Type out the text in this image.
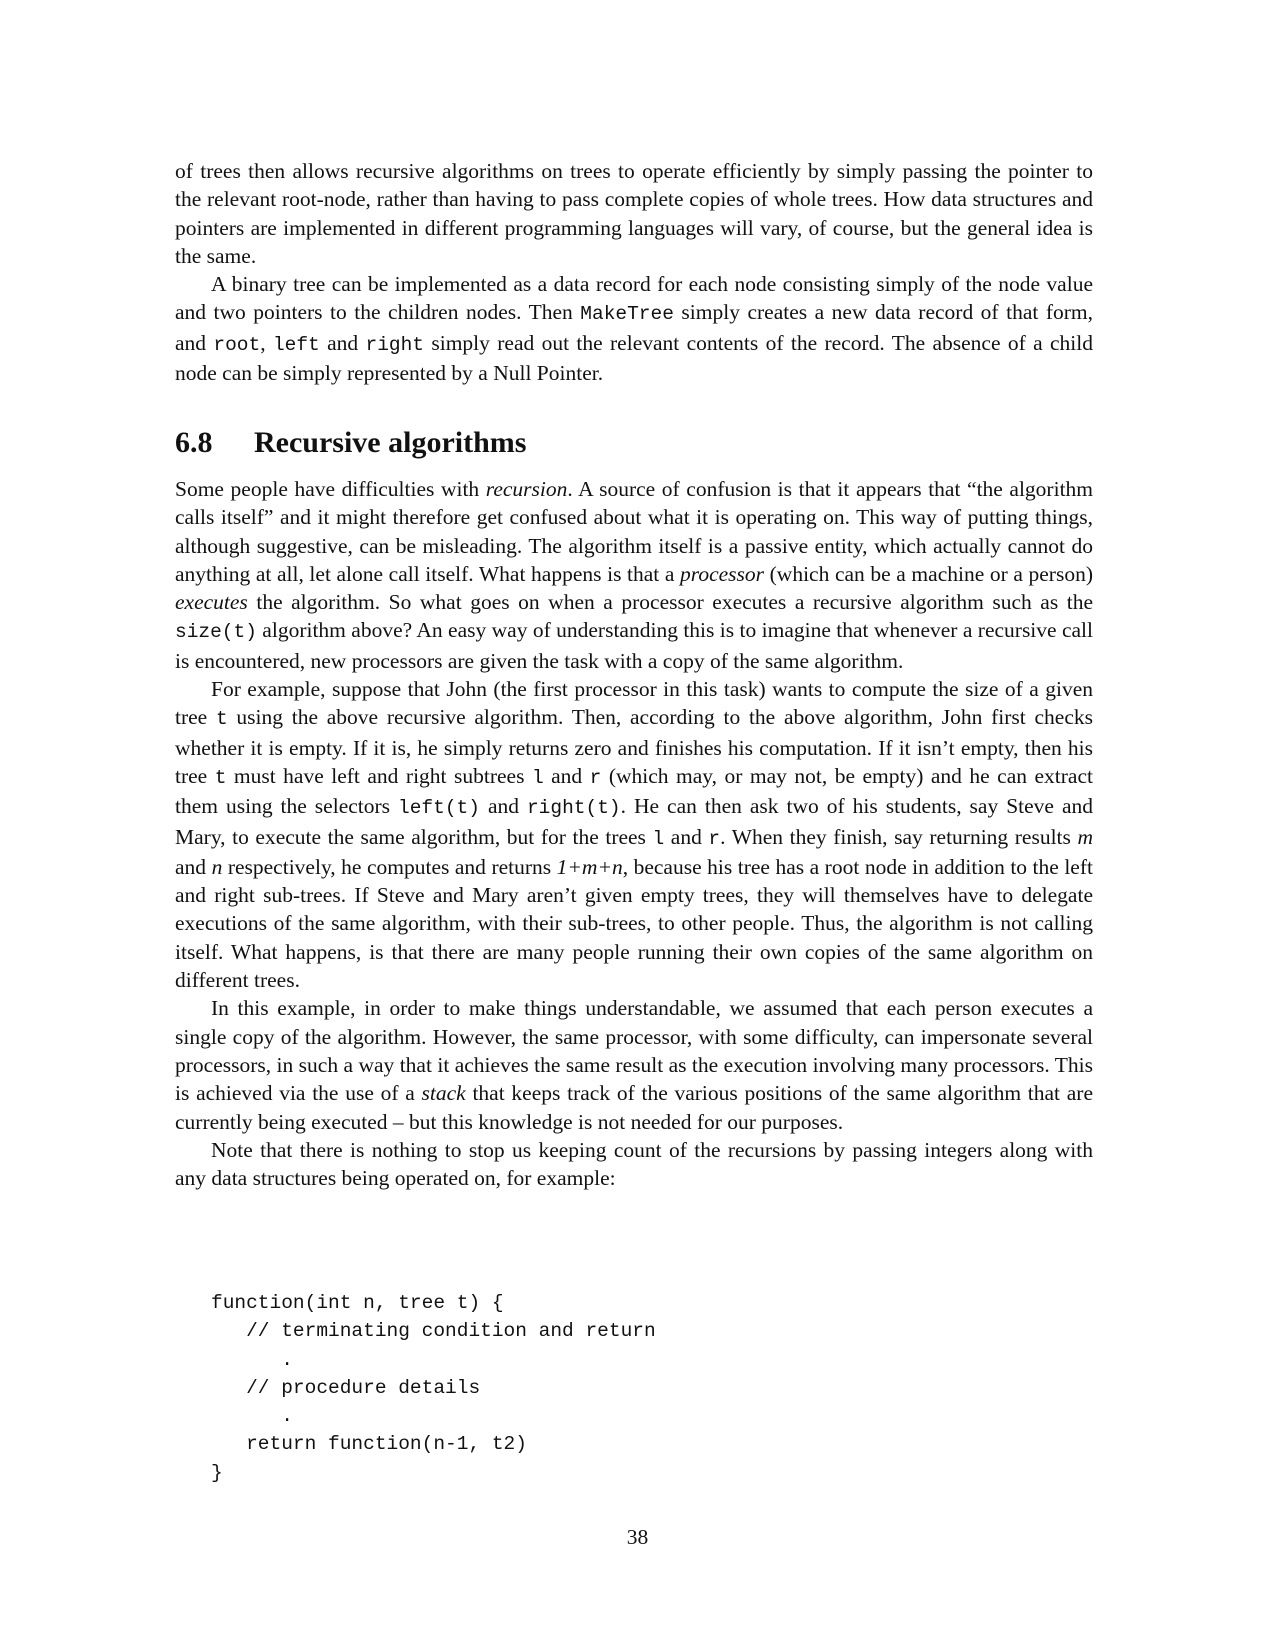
of trees then allows recursive algorithms on trees to operate efficiently by simply passing the pointer to the relevant root-node, rather than having to pass complete copies of whole trees. How data structures and pointers are implemented in different programming languages will vary, of course, but the general idea is the same.

A binary tree can be implemented as a data record for each node consisting simply of the node value and two pointers to the children nodes. Then MakeTree simply creates a new data record of that form, and root, left and right simply read out the relevant contents of the record. The absence of a child node can be simply represented by a Null Pointer.

6.8 Recursive algorithms

Some people have difficulties with recursion. A source of confusion is that it appears that “the algorithm calls itself” and it might therefore get confused about what it is operating on. This way of putting things, although suggestive, can be misleading. The algorithm itself is a passive entity, which actually cannot do anything at all, let alone call itself. What happens is that a processor (which can be a machine or a person) executes the algorithm. So what goes on when a processor executes a recursive algorithm such as the size(t) algorithm above? An easy way of understanding this is to imagine that whenever a recursive call is encountered, new processors are given the task with a copy of the same algorithm.

For example, suppose that John (the first processor in this task) wants to compute the size of a given tree t using the above recursive algorithm. Then, according to the above algorithm, John first checks whether it is empty. If it is, he simply returns zero and finishes his computation. If it isn’t empty, then his tree t must have left and right subtrees l and r (which may, or may not, be empty) and he can extract them using the selectors left(t) and right(t). He can then ask two of his students, say Steve and Mary, to execute the same algorithm, but for the trees l and r. When they finish, say returning results m and n respectively, he computes and returns 1+m+n, because his tree has a root node in addition to the left and right sub-trees. If Steve and Mary aren’t given empty trees, they will themselves have to delegate executions of the same algorithm, with their sub-trees, to other people. Thus, the algorithm is not calling itself. What happens, is that there are many people running their own copies of the same algorithm on different trees.

In this example, in order to make things understandable, we assumed that each person executes a single copy of the algorithm. However, the same processor, with some difficulty, can impersonate several processors, in such a way that it achieves the same result as the execution involving many processors. This is achieved via the use of a stack that keeps track of the various positions of the same algorithm that are currently being executed – but this knowledge is not needed for our purposes.

Note that there is nothing to stop us keeping count of the recursions by passing integers along with any data structures being operated on, for example:

function(int n, tree t) {
// terminating condition and return
.
// procedure details
.
return function(n-1, t2)
}
38
